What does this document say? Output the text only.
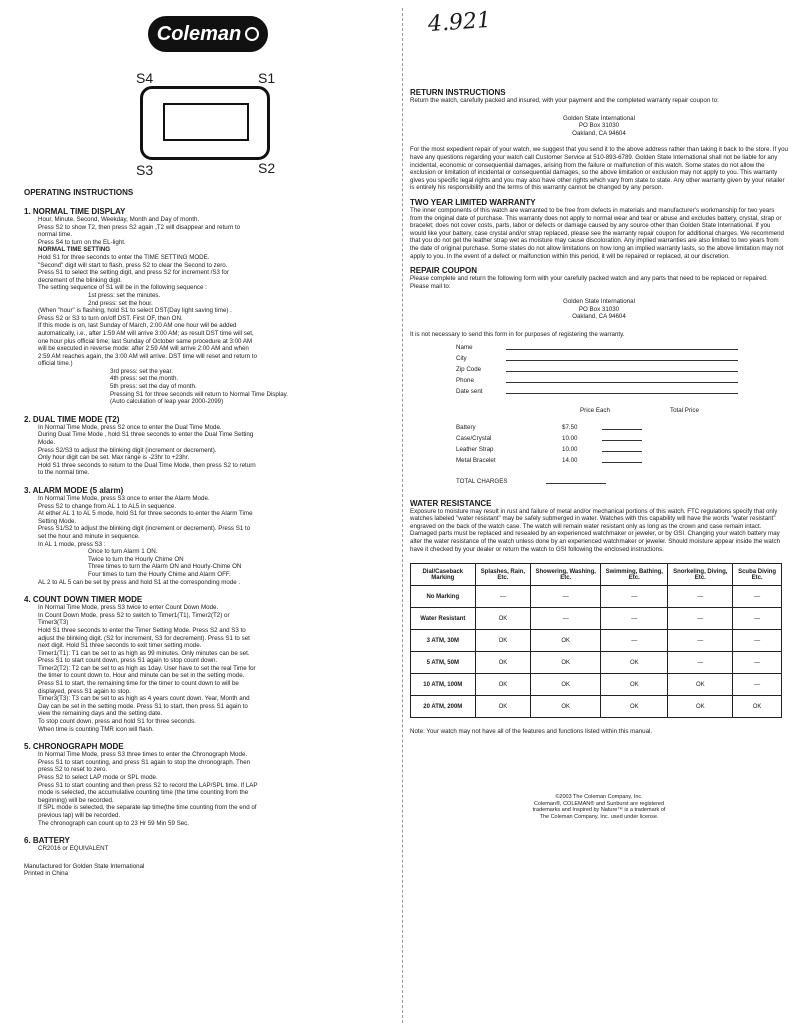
Coleman	4.921
S4	S1
S3	S2
OPERATING INSTRUCTIONS
1. NORMAL TIME DISPLAY
Hour, Minute, Second, Weekday, Month and Day of month.
Press S2 to show T2, then press S2 again ,T2 will disappear and return to
normal time.
Press S4 to turn on the EL-light.
NORMAL TIME SETTING
Hold S1 for three seconds to enter the TIME SETTING MODE.
"Second" digit will start to flash, press S2 to clear the Second to zero.
Press S1 to select the setting digit, and press S2 for increment /S3 for
decrement of the blinking digit.
The setting sequence of S1 will be in the following sequence :
1st press: set the minutes.
2nd press: set the hour.
(When "hour" is flashing, hold S1 to select DST(Day light saving time) .
Press S2 or S3 to turn on/off DST. First OF, then ON.
If this mode is on, last Sunday of March, 2:00 AM one hour will be added
automatically, i.e., after 1:59 AM will arrive 3:00 AM; as result DST time will set,
one hour plus official time; last Sunday of October same procedure at 3:00 AM
will be executed in reverse mode: after 2:59 AM will arrive 2:00 AM and when
2:59 AM reaches again, the 3:00 AM will arrive. DST time will reset and return to
official time.)
3rd press: set the year.
4th press: set the month.
5th press: set the day of month.
Pressing S1 for three seconds will return to Normal Time Display.
(Auto calculation of leap year 2000-2099)
2. DUAL TIME MODE (T2)
In Normal Time Mode, press S2 once to enter the Dual Time Mode.
During Dual Time Mode , hold S1 three seconds to enter the Dual Time Setting
Mode.
Press S2/S3 to adjust the blinking digit (increment or decrement).
Only hour digit can be set. Max range is -23hr to +23hr.
Hold S1 three seconds to return to the Dual Time Mode, then press S2 to return
to the normal time.
3. ALARM MODE (5 alarm)
In Normal Time Mode, press S3 once to enter the Alarm Mode.
Press S2 to change from AL 1 to AL5 in sequence.
At either AL 1 to AL 5 mode, hold S1 for three seconds to enter the Alarm Time
Setting Mode.
Press S1/S2 to adjust the blinking digit (increment or decrement). Press S1 to
set the hour and minute in sequence.
In AL 1 mode, press S3 :
Once to turn Alarm 1 ON.
Twice to turn the Hourly Chime ON
Three times to turn the Alarm ON and Hourly-Chime ON
Four times to turn the Hourly Chime and Alarm OFF.
AL 2 to AL 5 can be set by press and hold S1 at the corresponding mode .
4. COUNT DOWN TIMER MODE
In Normal Time Mode, press S3 twice to enter Count Down Mode.
In Count Down Mode, press S2 to switch to Timer1(T1), Timer2(T2) or
Timer3(T3)
Hold S1 three seconds to enter the Timer Setting Mode. Press S2 and S3 to
adjust the blinking digit. (S2 for increment, S3 for decrement). Press S1 to set
next digit. Hold S1 three seconds to exit timer setting mode.
Timer1(T1): T1 can be set to as high as 99 minutes. Only minutes can be set.
Press S1 to start count down, press S1 again to stop count down.
Timer2(T2): T2 can be set to as high as 1day. User have to set the real Time for
the timer to count down to. Hour and minute can be set in the setting mode.
Press S1 to start, the remaining time for the timer to count down to will be
displayed, press S1 again to stop.
Timer3(T3): T3 can be set to as high as 4 years count down. Year, Month and
Day can be set in the setting mode. Press S1 to start, then press S1 again to
view the remaining days and the setting date.
To stop count down, press and hold S1 for three seconds.
When time is counting TMR icon will flash.
5. CHRONOGRAPH MODE
In Normal Time Mode, press S3 three times to enter the Chronograph Mode.
Press S1 to start counting, and press S1 again to stop the chronograph. Then
press S2 to reset to zero.
Press S2 to select LAP mode or SPL mode.
Press S1 to start counting and then press S2 to record the LAP/SPL time. If LAP
mode is selected, the accumulative counting time (the time counting from the
beginning) will be recorded.
If SPL mode is selected, the separate lap time(the time counting from the end of
previous lap) will be recorded.
The chronograph can count up to 23 Hr 59 Min 59 Sec.
6. BATTERY
CR2016 or EQUIVALENT
Manufactured for Golden State International
Printed in China
RETURN INSTRUCTIONS
Return the watch, carefully packed and insured, with your payment and the completed warranty repair coupon to:
Golden State International
PO Box 31030
Oakland, CA 94604
For the most expedient repair of your watch, we suggest that you send it to the above address rather than taking it back to the store. If you have any questions regarding your watch call Customer Service at 510-893-6789. Golden State International shall not be liable for any incidental, economic or consequential damages, arising from the failure or malfunction of this watch. Some states do not allow the exclusion or limitation of incidental or consequential damages, so the above limitation or exclusion may not apply to you. This warranty gives you specific legal rights and you may also have other rights which vary from state to state. Any other warranty given by your retailer is entirely his responsibility and the terms of this warranty cannot be changed by any person.
TWO YEAR LIMITED WARRANTY
The inner components of this watch are warranted to be free from defects in materials and manufacturer's workmanship for two years from the original date of purchase. This warranty does not apply to normal wear and tear or abuse and excludes battery, crystal, strap or bracelet; does not cover costs, parts, labor or defects or damage caused by any source other than Golden State International. If you would like your battery, case crystal and/or strap replaced, please see the warranty repair coupon for additional charges. We recommend that you do not get the leather strap wet as moisture may cause discoloration. Any implied warranties are also limited to two years from the date of original purchase. Some states do not allow limitations on how long an implied warranty lasts, so the above limitation may not apply to you. In the event of a defect or malfunction within this period, it will be repaired or replaced, at our discretion.
REPAIR COUPON
Please complete and return the following form with your carefully packed watch and any parts that need to be replaced or repaired.
Please mail to:
Golden State International
PO Box 31030
Oakland, CA 94604
It is not necessary to send this form in for purposes of registering the warranty.
Name
City
Zip Code
Phone
Date sent
Price Each	Total Price
Battery	$7.50
Case/Crystal	10.00
Leather Strap	10.00
Metal Bracelet	14.00
TOTAL CHARGES
WATER RESISTANCE
Exposure to moisture may result in rust and failure of metal and/or mechanical portions of this watch. FTC regulations specify that only watches labeled "water resistant" may be safely submerged in water. Watches with this capability will have the words "water resistant" engraved on the back of the watch case. The watch will remain water resistant only as long as the crown and case remain intact. Damaged parts must be replaced and resealed by an experienced watchmaker or jeweler, or by GSI. Changing your watch battery may alter the water resistance of the watch unless done by an experienced watchmaker or jeweler. Should moisture appear inside the watch have it checked by your dealer or return the watch to GSI following the enclosed instructions.
Dial/Caseback Marking	Splashes, Rain, Etc.	Showering, Washing, Etc.	Swimming, Bathing, Etc.	Snorkeling, Diving, Etc.	Scuba Diving Etc.
No Marking	—	—	—	—	—
Water Resistant	OK	—	—	—	—
3 ATM, 30M	OK	OK	—	—	—
5 ATM, 50M	OK	OK	OK	—	—
10 ATM, 100M	OK	OK	OK	OK	—
20 ATM, 200M	OK	OK	OK	OK	OK
Note: Your watch may not have all of the features and functions listed within this manual.
©2003 The Coleman Company, Inc.
Coleman®, COLEMAN® and Sunburst are registered
trademarks and Inspired by Nature™ is a trademark of
The Coleman Company, Inc. used under license.
